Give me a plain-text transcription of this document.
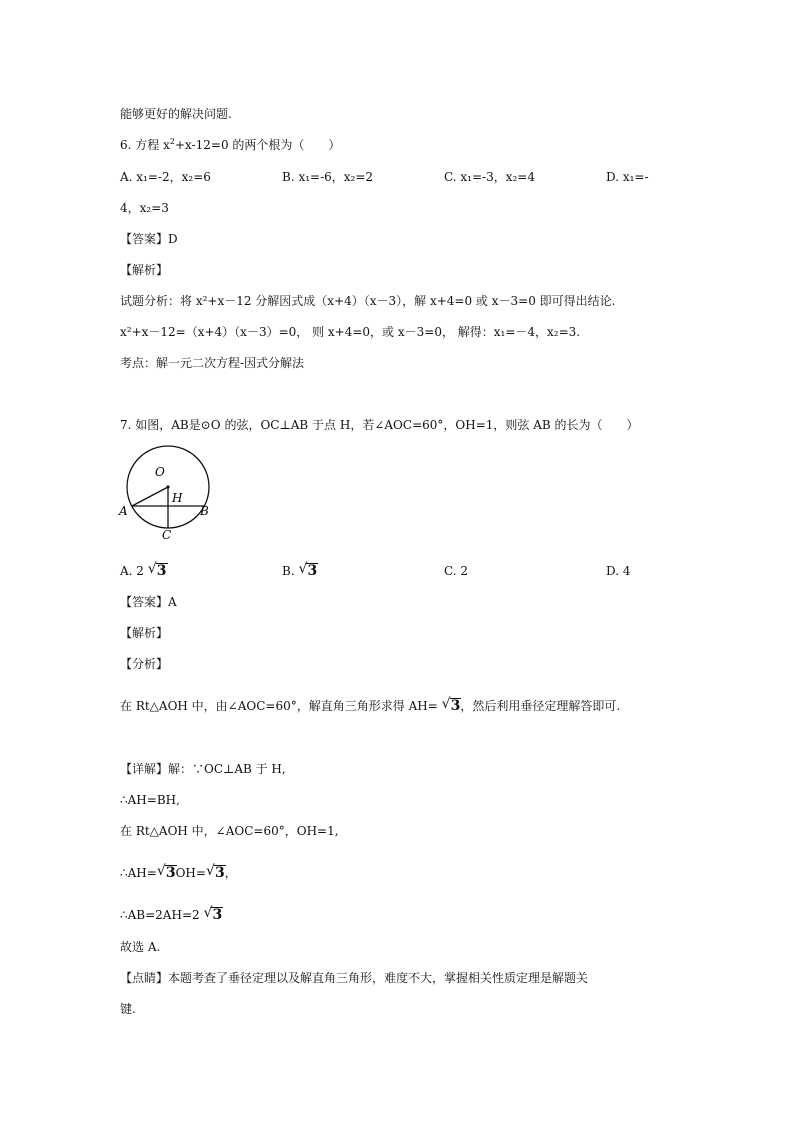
能够更好的解决问题.
6. 方程 $x^2+x-12=0$ 的两个根为（　　）
A. x₁=-2，x₂=6	B. x₁=-6，x₂=2	C. x₁=-3，x₂=4	D. x₁=-
4，x₂=3
【答案】D
【解析】
试题分析：将 x²+x－12 分解因式成（x+4）（x－3），解 x+4=0 或 x－3=0 即可得出结论.
x²+x－12=（x+4）（x－3）=0， 则 x+4=0，或 x－3=0， 解得：x₁=－4，x₂=3.
考点：解一元二次方程-因式分解法
7. 如图，AB是⊙O 的弦，OC⊥AB 于点 H，若∠AOC=60°，OH=1，则弦 AB 的长为（　　）
O
H
A	B
C
A. 2 √ 3	B. √ 3	C. 2	D. 4
【答案】A
【解析】
【分析】
在 Rt△AOH 中，由∠AOC=60°，解直角三角形求得 AH= √ 3，然后利用垂径定理解答即可.
【详解】解：∵OC⊥AB 于 H,
∴AH=BH,
在 Rt△AOH 中，∠AOC=60°，OH=1,
∴AH= √ 3OH= √ 3，
∴AB=2AH=2 √ 3
故选 A.
【点睛】本题考查了垂径定理以及解直角三角形，难度不大，掌握相关性质定理是解题关
键.
